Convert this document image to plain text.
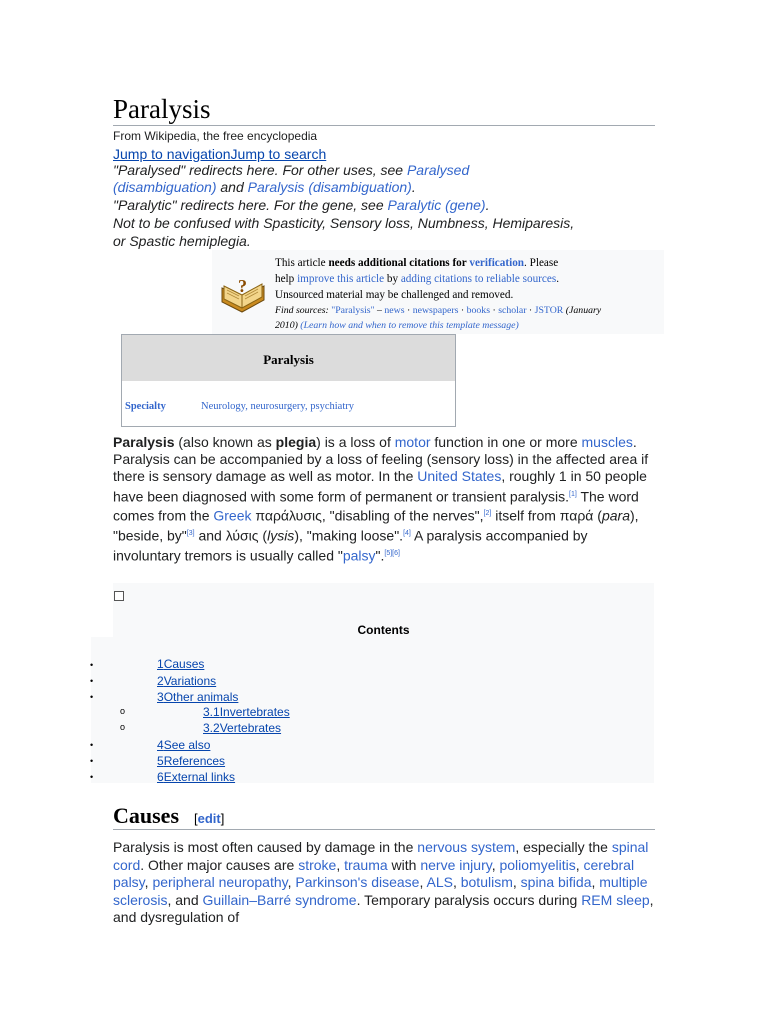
Paralysis
From Wikipedia, the free encyclopedia
Jump to navigationJump to search
"Paralysed" redirects here. For other uses, see Paralysed
(disambiguation) and Paralysis (disambiguation).
"Paralytic" redirects here. For the gene, see Paralytic (gene).
Not to be confused with Spasticity, Sensory loss, Numbness, Hemiparesis,
or Spastic hemiplegia.
?
This article needs additional citations for verification. Please
help improve this article by adding citations to reliable sources.
Unsourced material may be challenged and removed.
Find sources: "Paralysis" – news · newspapers · books · scholar · JSTOR (January
2010) (Learn how and when to remove this template message)
Paralysis
Specialty	Neurology, neurosurgery, psychiatry
Paralysis (also known as plegia) is a loss of motor function in one or more muscles. Paralysis can be accompanied by a loss of feeling (sensory loss) in the affected area if there is sensory damage as well as motor. In the United States, roughly 1 in 50 people have been diagnosed with some form of permanent or transient paralysis.[1] The word comes from the Greek παράλυσις, "disabling of the nerves",[2] itself from παρά (para), "beside, by"[3] and λύσις (lysis), "making loose".[4] A paralysis accompanied by involuntary tremors is usually called "palsy".[5][6]
Contents
•	1Causes
•	2Variations
•	3Other animals
o	3.1Invertebrates
o	3.2Vertebrates
•	4See also
•	5References
•	6External links
Causes [edit]
Paralysis is most often caused by damage in the nervous system, especially the spinal cord. Other major causes are stroke, trauma with nerve injury, poliomyelitis, cerebral palsy, peripheral neuropathy, Parkinson's disease, ALS, botulism, spina bifida, multiple sclerosis, and Guillain–Barré syndrome. Temporary paralysis occurs during REM sleep, and dysregulation of
